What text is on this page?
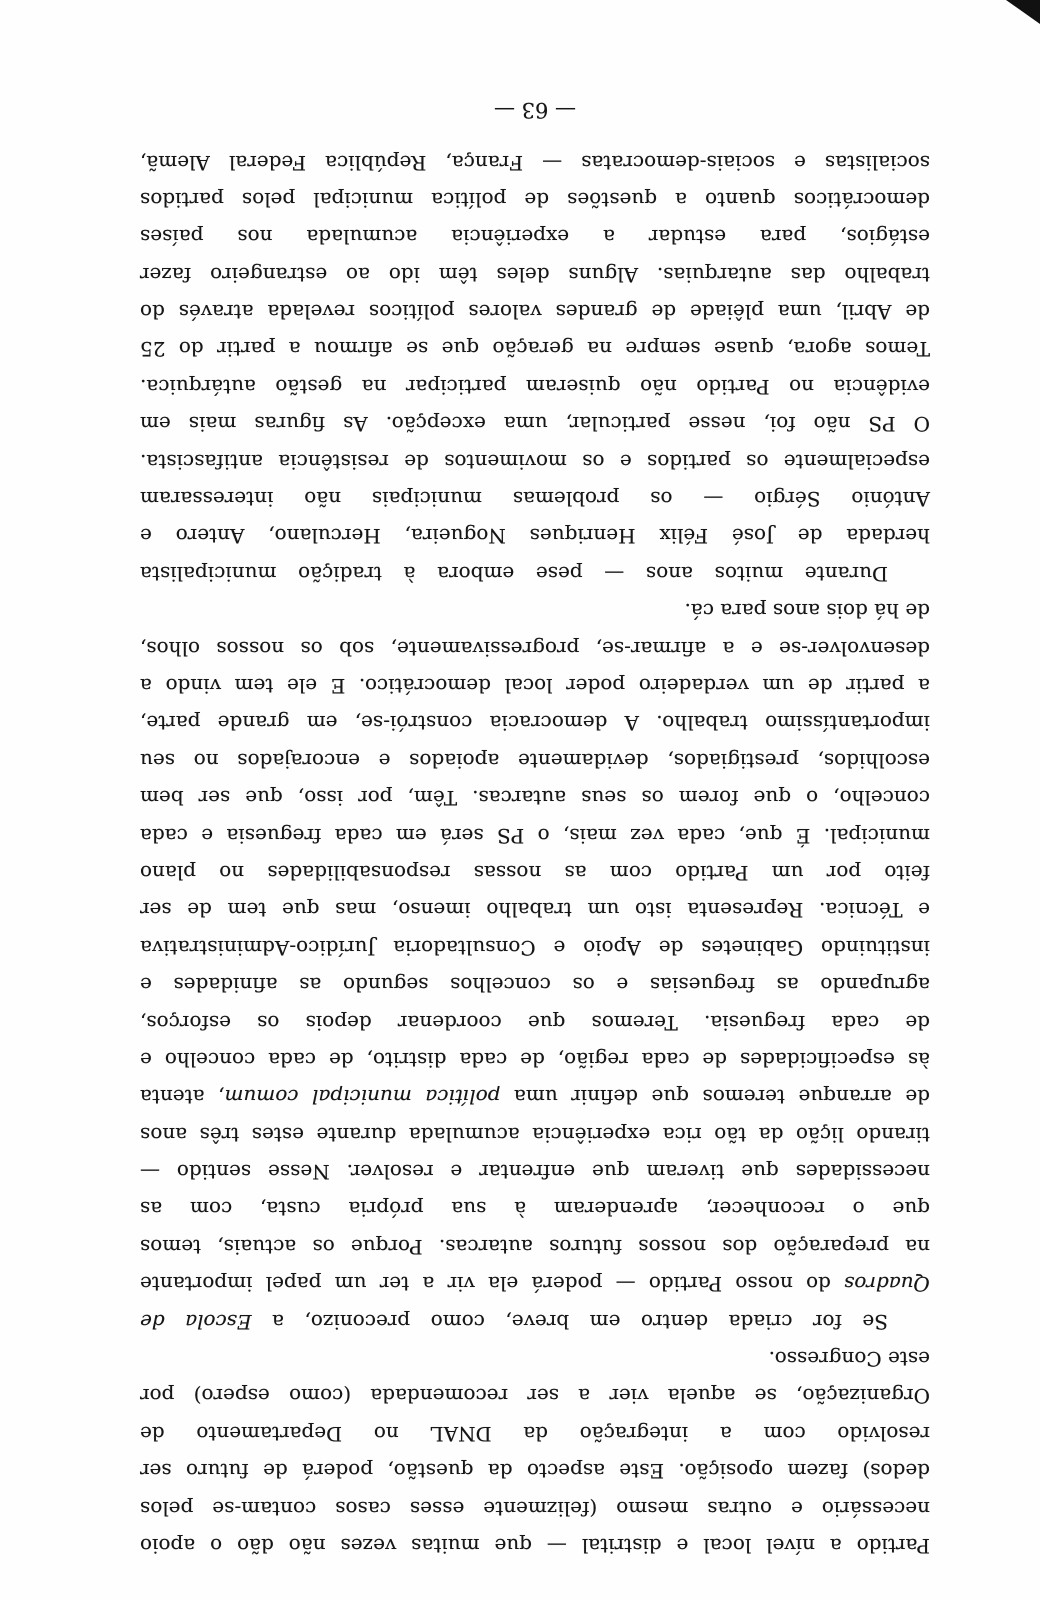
Partido a nível local e distrital — que muitas vezes não dão o apoio
necessário e outras mesmo (felizmente esses casos contam-se pelos
dedos) fazem oposição. Este aspecto da questão, poderá de futuro ser
resolvido com a integração da DNAL no Departamento de
Organização, se aquela vier a ser recomendada (como espero) por
este Congresso.
Se for criada dentro em breve, como preconizo, a Escola de
Quadros do nosso Partido — poderá ela vir a ter um papel importante
na preparação dos nossos futuros autarcas. Porque os actuais, temos
que o reconhecer, aprenderam à sua própria custa, com as
necessidades que tiveram que enfrentar e resolver. Nesse sentido —
tirando lição da tão rica experiência acumulada durante estes três anos
de arranque teremos que definir uma política municipal comum, atenta
às especificidades de cada região, de cada distrito, de cada concelho e
de cada freguesia. Teremos que coordenar depois os esforços,
agrupando as freguesias e os concelhos segundo as afinidades e
instituindo Gabinetes de Apoio e Consultadoria Jurídico-Administrativa
e Técnica. Representa isto um trabalho imenso, mas que tem de ser
feito por um Partido com as nossas responsabilidades no plano
municipal. É que, cada vez mais, o PS será em cada freguesia e cada
concelho, o que forem os seus autarcas. Têm, por isso, que ser bem
escolhidos, prestigiados, devidamente apoiados e encorajados no seu
importantíssimo trabalho. A democracia constrói-se, em grande parte,
a partir de um verdadeiro poder local democrático. E ele tem vindo a
desenvolver-se e a afirmar-se, progressivamente, sob os nossos olhos,
de há dois anos para cá.
Durante muitos anos — pese embora à tradição municipalista
herdada de José Félix Henriques Nogueira, Herculano, Antero e
António Sérgio — os problemas municipais não interessaram
especialmente os partidos e os movimentos de resistência antifascista.
O PS não foi, nesse particular, uma excepção. As figuras mais em
evidência no Partido não quiseram participar na gestão autárquica.
Temos agora, quase sempre na geração que se afirmou a partir do 25
de Abril, uma plêiade de grandes valores políticos revelada através do
trabalho das autarquias. Alguns deles têm ido ao estrangeiro fazer
estágios, para estudar a experiência acumulada nos países
democráticos quanto a questões de política municipal pelos partidos
socialistas e sociais-democratas — França, República Federal Alemã,
— 63 —
